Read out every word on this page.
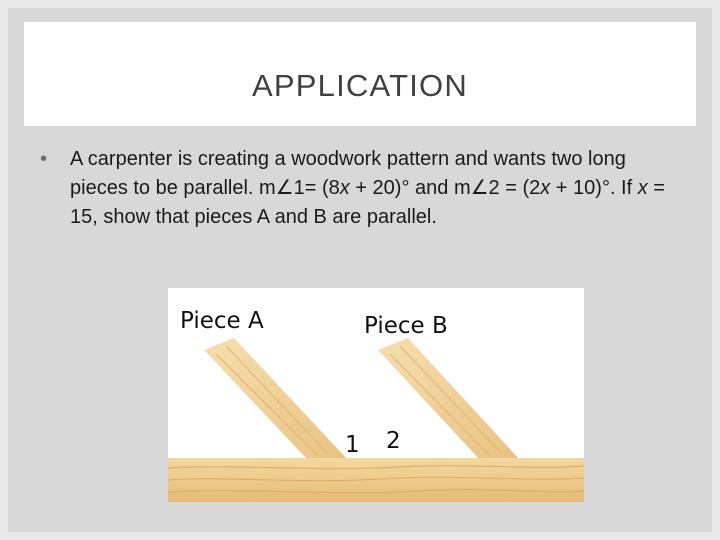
APPLICATION
• A carpenter is creating a woodwork pattern and wants two long pieces to be parallel. m∠1= (8x + 20)° and m∠2 = (2x + 10)°. If x = 15, show that pieces A and B are parallel.
Piece A	Piece B
1 2
